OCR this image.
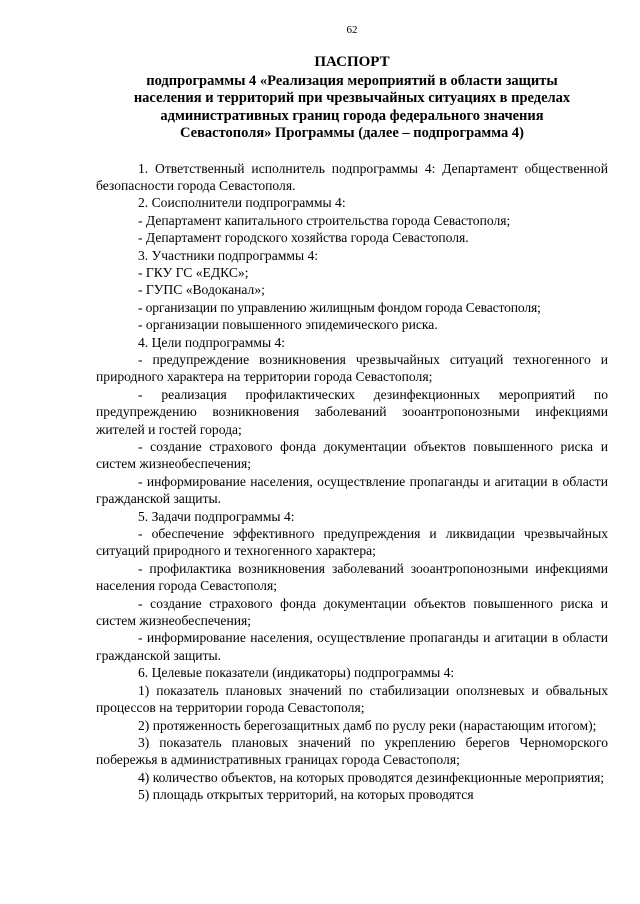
62
ПАСПОРТ
подпрограммы 4 «Реализация мероприятий в области защиты
населения и территорий при чрезвычайных ситуациях в пределах
административных границ города федерального значения
Севастополя» Программы (далее – подпрограмма 4)

1. Ответственный исполнитель подпрограммы 4: Департамент общественной безопасности города Севастополя.

2. Соисполнители подпрограммы 4:

- Департамент капитального строительства города Севастополя;

- Департамент городского хозяйства города Севастополя.

3. Участники подпрограммы 4:

- ГКУ ГС «ЕДКС»;

- ГУПС «Водоканал»;

- организации по управлению жилищным фондом города Севастополя;

- организации повышенного эпидемического риска.

4. Цели подпрограммы 4:

- предупреждение возникновения чрезвычайных ситуаций техногенного и природного характера на территории города Севастополя;

- реализация профилактических дезинфекционных мероприятий по предупреждению возникновения заболеваний зооантропонозными инфекциями жителей и гостей города;

- создание страхового фонда документации объектов повышенного риска и систем жизнеобеспечения;

- информирование населения, осуществление пропаганды и агитации в области гражданской защиты.

5. Задачи подпрограммы 4:

- обеспечение эффективного предупреждения и ликвидации чрезвычайных ситуаций природного и техногенного характера;

- профилактика возникновения заболеваний зооантропонозными инфекциями населения города Севастополя;

- создание страхового фонда документации объектов повышенного риска и систем жизнеобеспечения;

- информирование населения, осуществление пропаганды и агитации в области гражданской защиты.

6. Целевые показатели (индикаторы) подпрограммы 4:

1) показатель плановых значений по стабилизации оползневых и обвальных процессов на территории города Севастополя;

2) протяженность берегозащитных дамб по руслу реки (нарастающим итогом);

3) показатель плановых значений по укреплению берегов Черноморского побережья в административных границах города Севастополя;

4) количество объектов, на которых проводятся дезинфекционные мероприятия;

5) площадь открытых территорий, на которых проводятся
